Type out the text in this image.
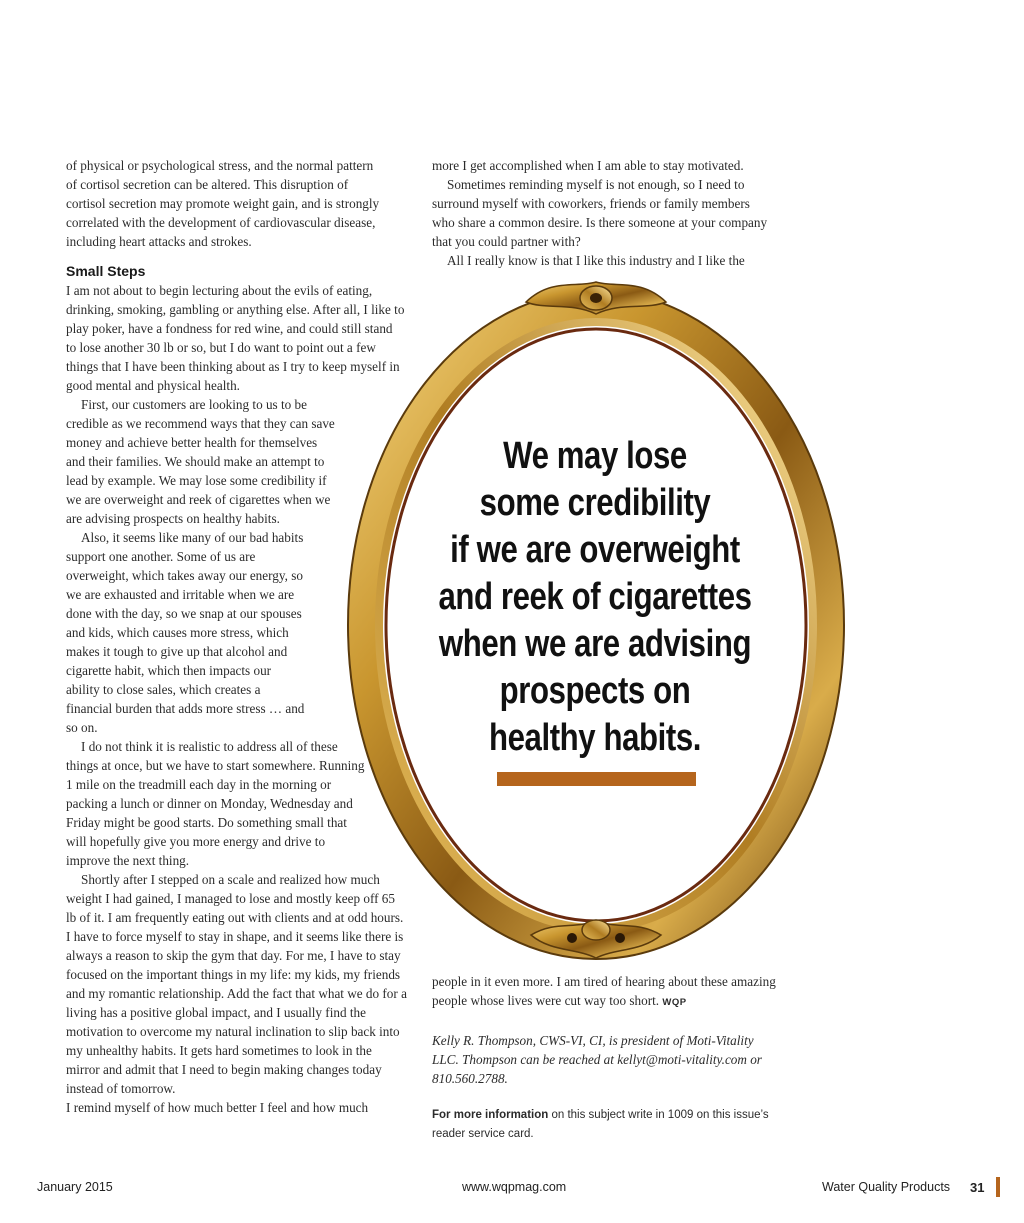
of physical or psychological stress, and the normal pattern of cortisol secretion can be altered. This disruption of cortisol secretion may promote weight gain, and is strongly correlated with the development of cardiovascular disease, including heart attacks and strokes.

Small Steps

I am not about to begin lecturing about the evils of eating, drinking, smoking, gambling or anything else. After all, I like to play poker, have a fondness for red wine, and could still stand to lose another 30 lb or so, but I do want to point out a few things that I have been thinking about as I try to keep myself in good mental and physical health.

First, our customers are looking to us to be credible as we recommend ways that they can save money and achieve better health for themselves and their families. We should make an attempt to lead by example. We may lose some credibility if we are overweight and reek of cigarettes when we are advising prospects on healthy habits.

Also, it seems like many of our bad habits support one another. Some of us are overweight, which takes away our energy, so we are exhausted and irritable when we are done with the day, so we snap at our spouses and kids, which causes more stress, which makes it tough to give up that alcohol and cigarette habit, which then impacts our ability to close sales, which creates a financial burden that adds more stress … and so on.

I do not think it is realistic to address all of these things at once, but we have to start somewhere. Running 1 mile on the treadmill each day in the morning or packing a lunch or dinner on Monday, Wednesday and Friday might be good starts. Do something small that will hopefully give you more energy and drive to improve the next thing.

Shortly after I stepped on a scale and realized how much weight I had gained, I managed to lose and mostly keep off 65 lb of it. I am frequently eating out with clients and at odd hours. I have to force myself to stay in shape, and it seems like there is always a reason to skip the gym that day. For me, I have to stay focused on the important things in my life: my kids, my friends and my romantic relationship. Add the fact that what we do for a living has a positive global impact, and I usually find the motivation to overcome my natural inclination to slip back into my unhealthy habits. It gets hard sometimes to look in the mirror and admit that I need to begin making changes today instead of tomorrow.

I remind myself of how much better I feel and how much

more I get accomplished when I am able to stay motivated.

Sometimes reminding myself is not enough, so I need to surround myself with coworkers, friends or family members who share a common desire. Is there someone at your company that you could partner with?

All I really know is that I like this industry and I like the

We may lose
some credibility
if we are overweight
and reek of cigarettes
when we are advising
prospects on
healthy habits.

people in it even more. I am tired of hearing about these amazing people whose lives were cut way too short. WQP

Kelly R. Thompson, CWS-VI, CI, is president of Moti-Vitality LLC. Thompson can be reached at kellyt@moti-vitality.com or 810.560.2788.

For more information on this subject write in 1009 on this issue’s reader service card.

January 2015	www.wqpmag.com	Water Quality Products 31
